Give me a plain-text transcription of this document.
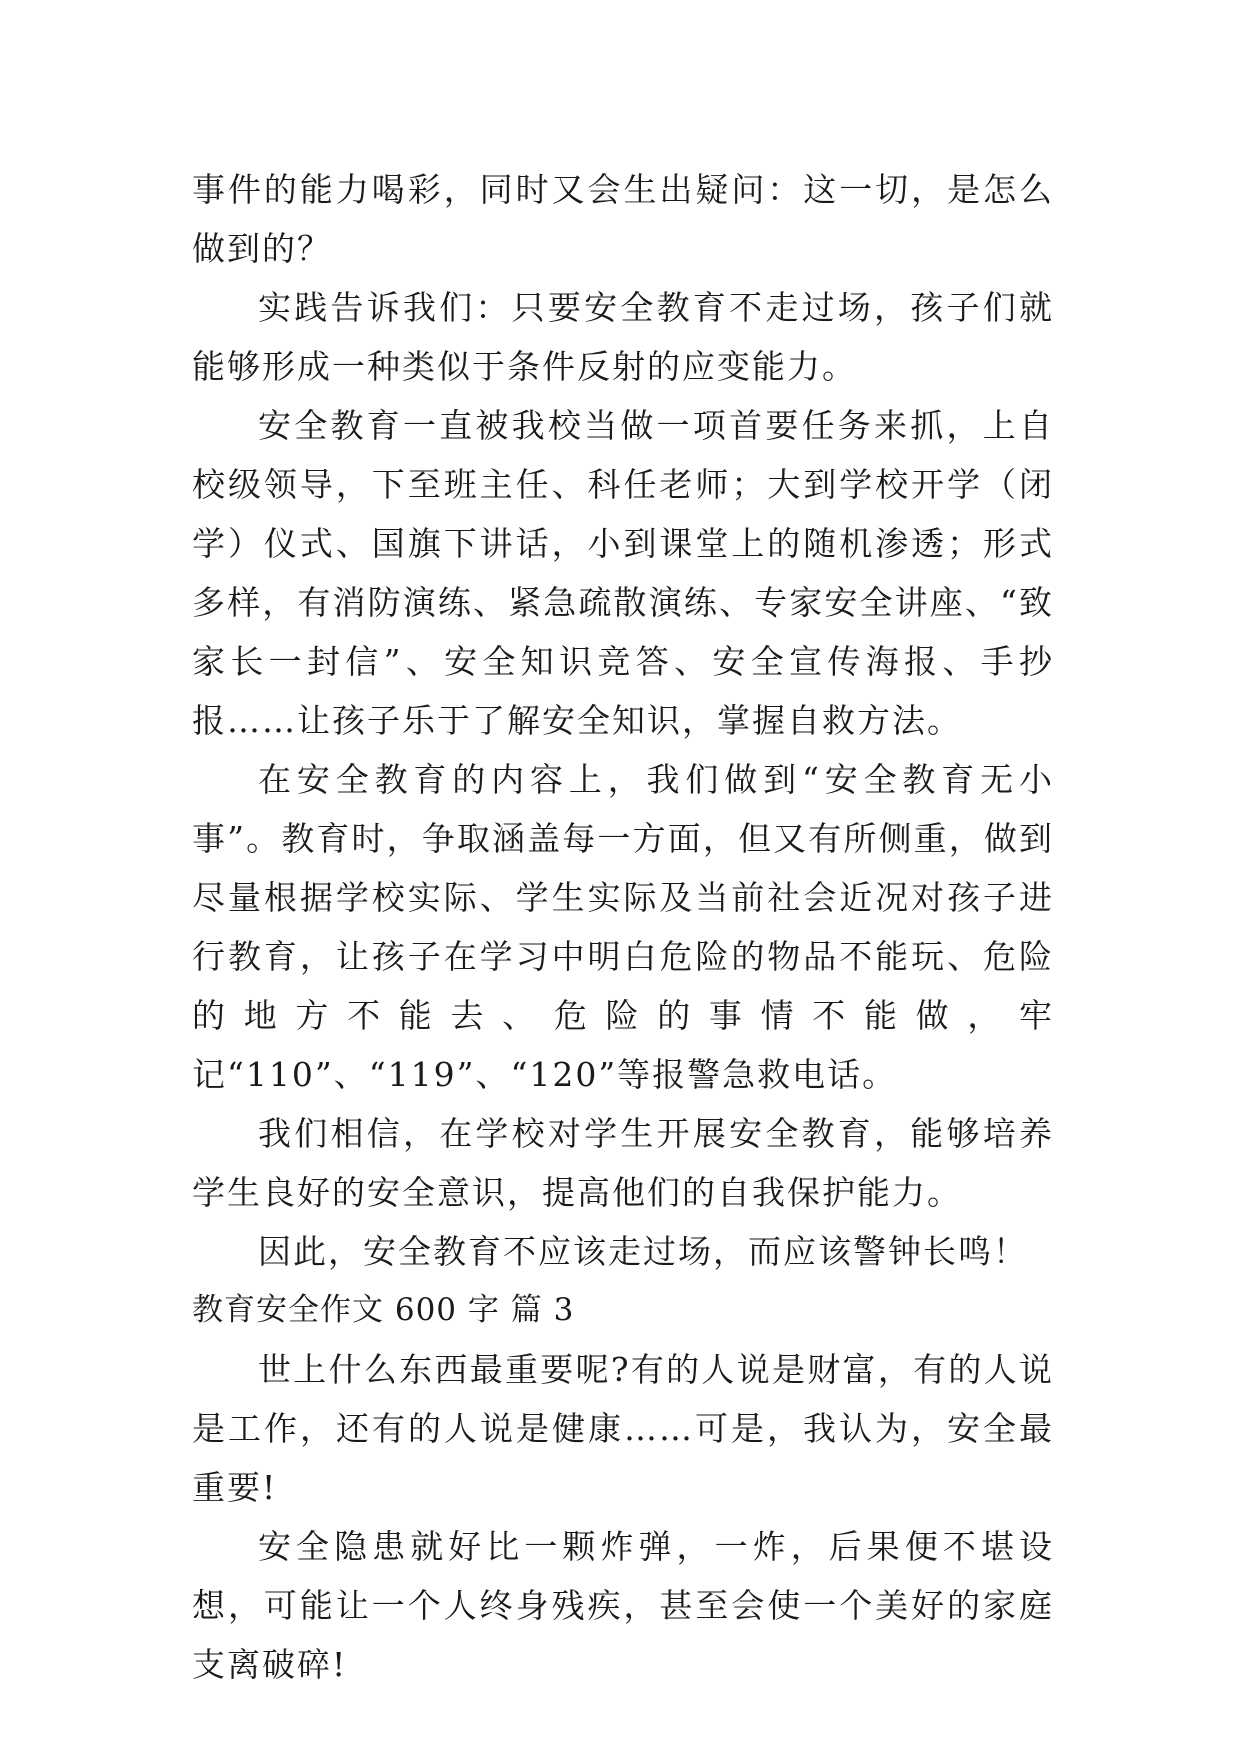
事件的能力喝彩，同时又会生出疑问：这一切，是怎么做到的？

实践告诉我们：只要安全教育不走过场，孩子们就能够形成一种类似于条件反射的应变能力。

安全教育一直被我校当做一项首要任务来抓，上自校级领导，下至班主任、科任老师；大到学校开学（闭学）仪式、国旗下讲话，小到课堂上的随机渗透；形式多样，有消防演练、紧急疏散演练、专家安全讲座、“致家长一封信”、安全知识竞答、安全宣传海报、手抄报……让孩子乐于了解安全知识，掌握自救方法。

在安全教育的内容上，我们做到“安全教育无小事”。教育时，争取涵盖每一方面，但又有所侧重，做到尽量根据学校实际、学生实际及当前社会近况对孩子进行教育，让孩子在学习中明白危险的物品不能玩、危险的地方不能去、危险的事情不能做，牢记“110”、“119”、“120”等报警急救电话。

我们相信，在学校对学生开展安全教育，能够培养学生良好的安全意识，提高他们的自我保护能力。

因此，安全教育不应该走过场，而应该警钟长鸣！

教育安全作文 600 字 篇 3

世上什么东西最重要呢?有的人说是财富，有的人说是工作，还有的人说是健康……可是，我认为，安全最重要!

安全隐患就好比一颗炸弹，一炸，后果便不堪设想，可能让一个人终身残疾，甚至会使一个美好的家庭支离破碎!
